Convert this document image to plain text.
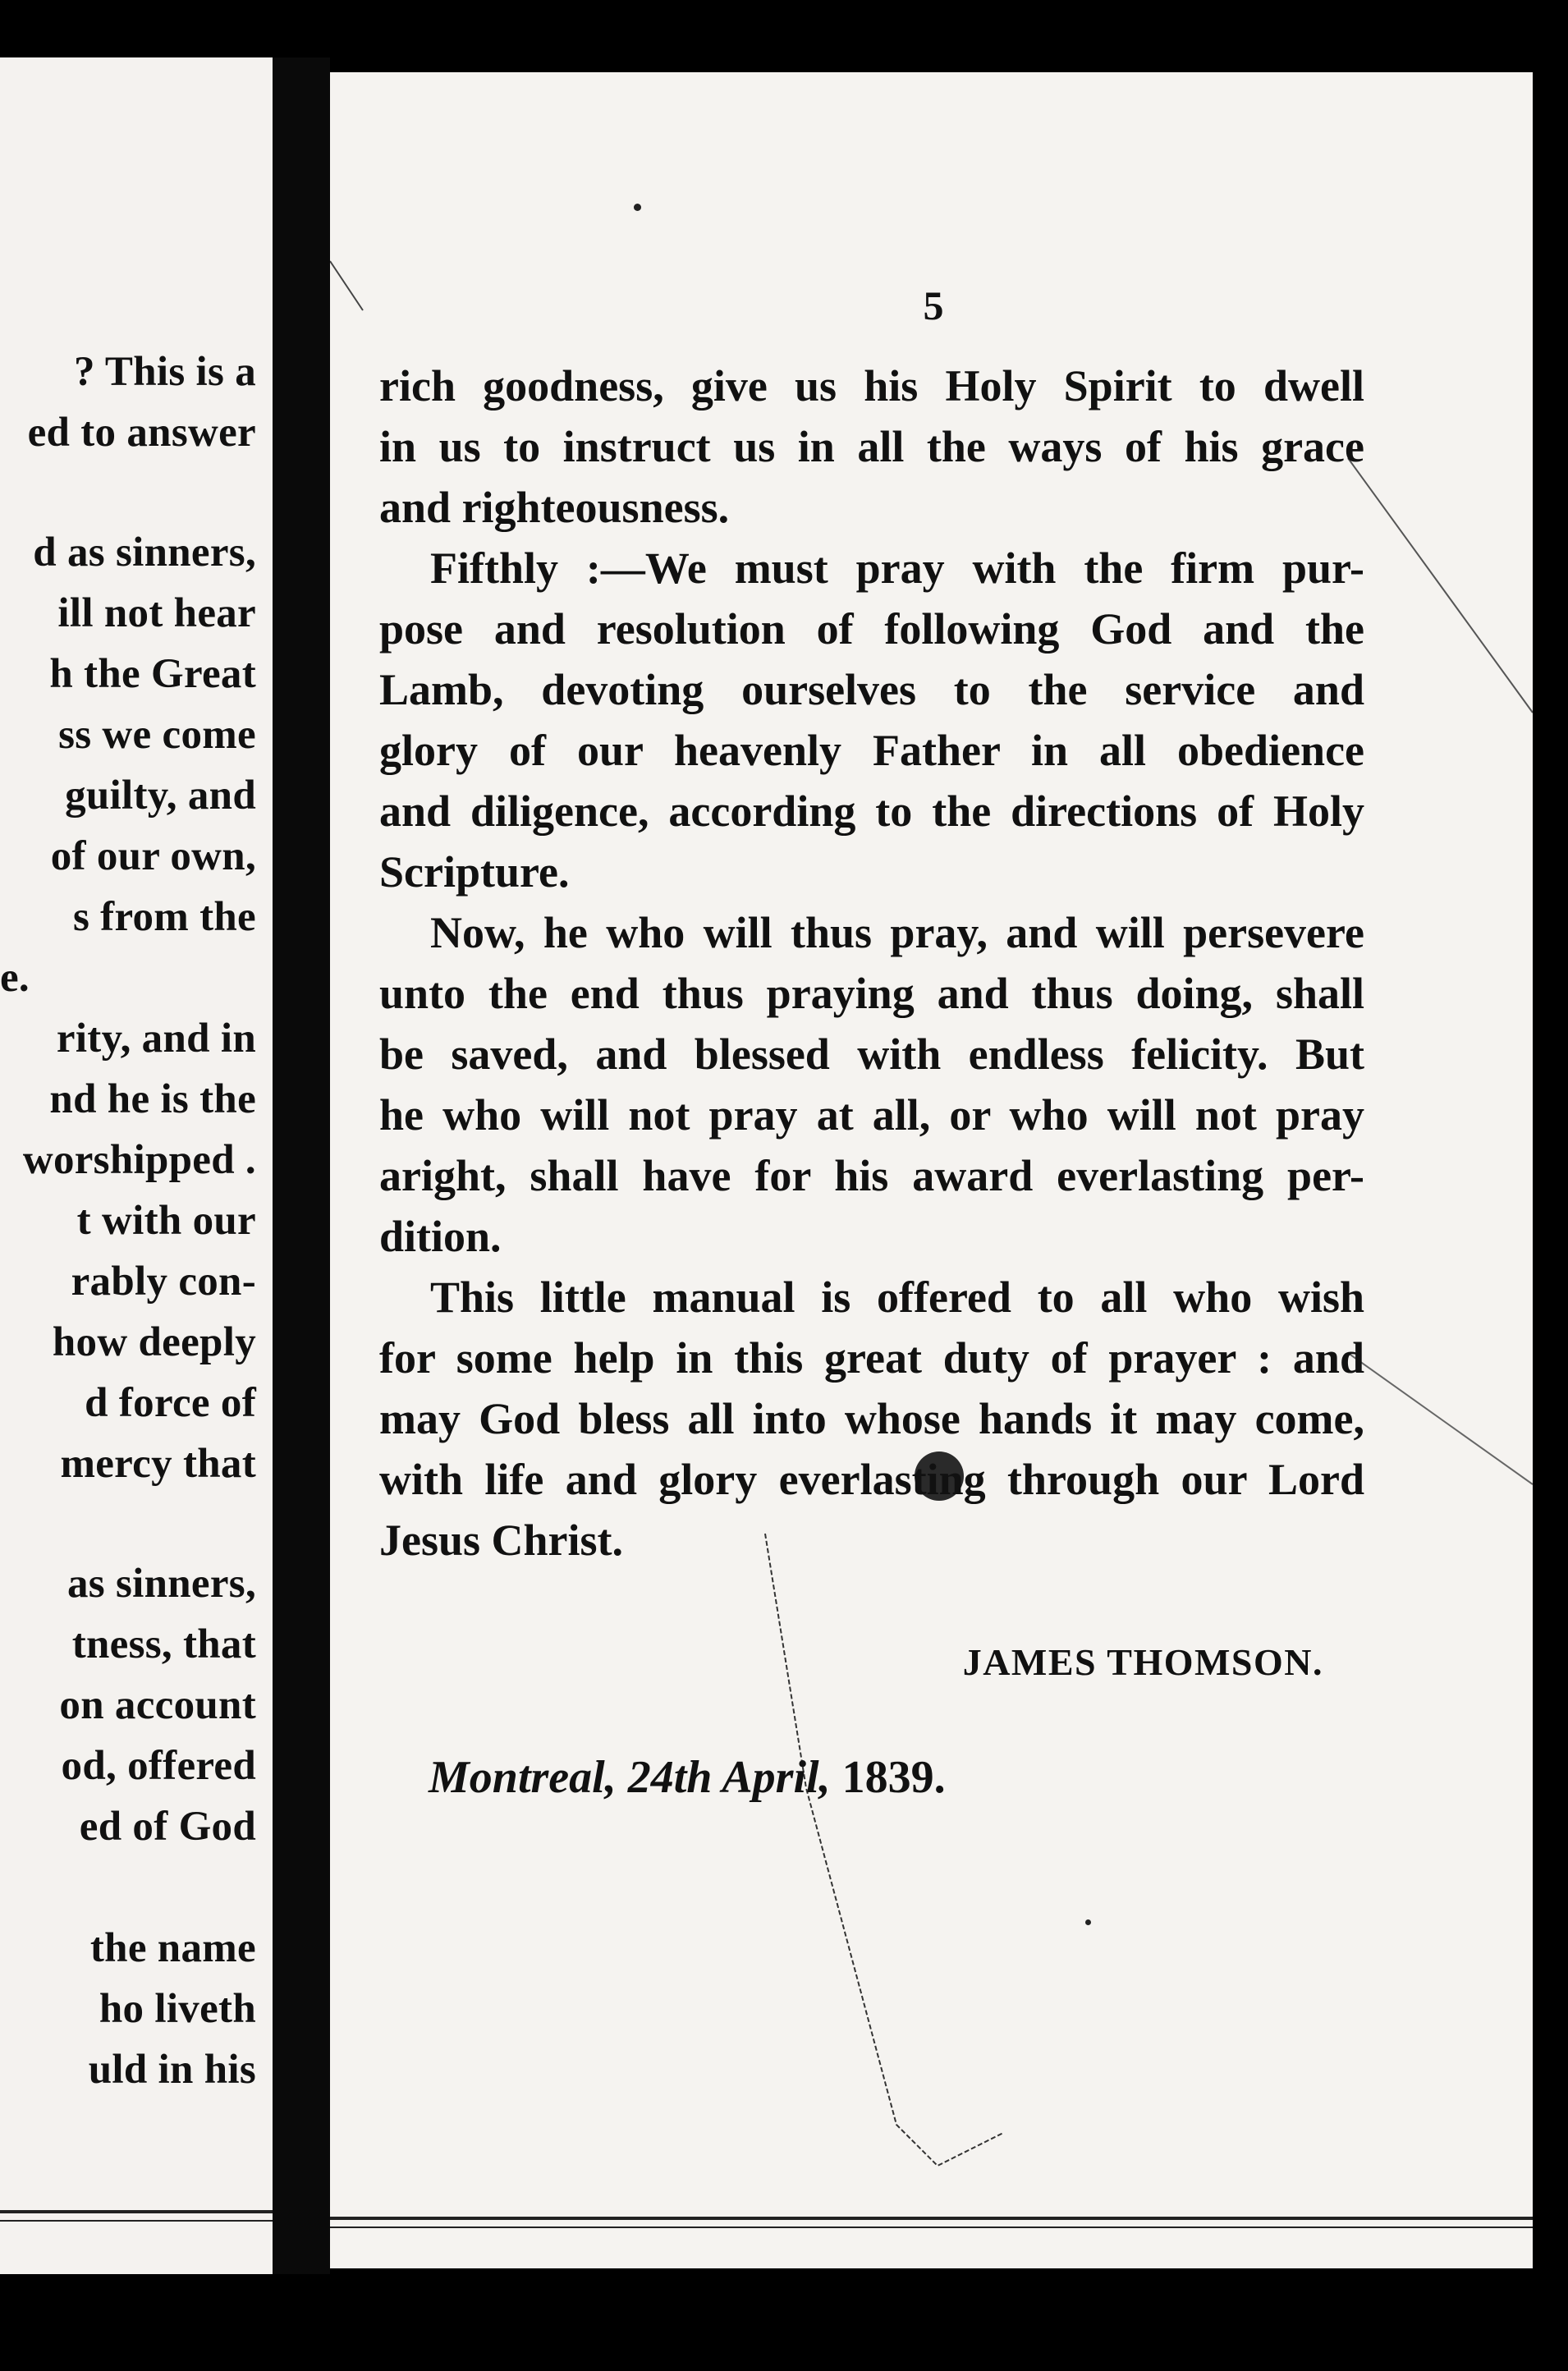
? This is a
ed to answer
d as sinners,
ill not hear
h the Great
ss we come
guilty, and
of our own,
s from the
e.
rity, and in
nd he is the
worshipped .
t with our
rably con-
how deeply
d force of
mercy that
as sinners,
tness, that
on account
od, offered
ed of God
the name
ho liveth
uld in his
5
rich goodness, give us his Holy Spirit to dwell
in us to instruct us in all the ways of his grace
and righteousness.
Fifthly :—We must pray with the firm pur-
pose and resolution of following God and the
Lamb, devoting ourselves to the service and
glory of our heavenly Father in all obedience
and diligence, according to the directions of Holy
Scripture.
Now, he who will thus pray, and will persevere
unto the end thus praying and thus doing, shall
be saved, and blessed with endless felicity. But
he who will not pray at all, or who will not pray
aright, shall have for his award everlasting per-
dition.
This little manual is offered to all who wish
for some help in this great duty of prayer : and
may God bless all into whose hands it may come,
with life and glory everlasting through our Lord
Jesus Christ.
JAMES THOMSON.
Montreal, 24th April, 1839.
